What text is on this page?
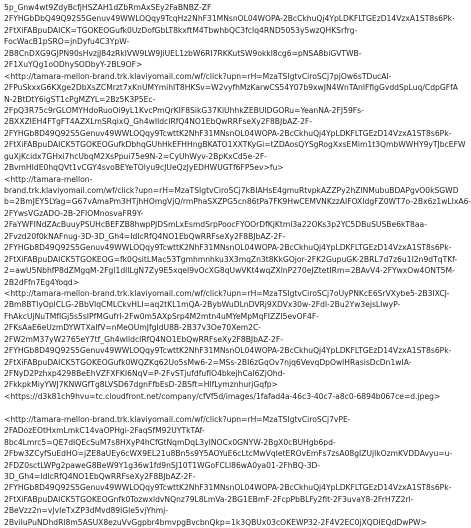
5p_Gnw4wt9ZdyBcfjHSZAH1dZbRmAxSEy2FaBNBZ-ZF
2FYHGbDbQ49Q92S5Genuv49WWLOQqy9TcqHz2NhF31MNsnOL04WOPA-2BcCkhuQj4YpLDKFLTGEzD14VzxA1ST8s6Pk-
2FtXiFABpuDAICK=TGOKEOGufk0UzDofGbLT8kxftM4TbwhbQC3fcIq4RND5053y5wzQHKSrfrg-
FocWacB1pSRO=jnDyfu4C3YpW-
2B8CnDXG9GJPN90sHvzjJ84zRkIVW9LW9JiUEL1zbW6RI7RKKutSW9okkl8cg6=pNSA8biGVTWB-
2F1XuYQg1oODhySODbyY-2BL9OF>
<http://tamara-mellon-brand.trk.klaviyomail.com/wf/click?upn=rH=MzaTSIgtvCiroSCj7pjOw6sTDucAI-
2FPuSkxxG6KXge2DbXsZCMrzt7xKnUMYmihIT8HKSv=W2vyfhMzKarwCS54Y07b9xwJN4WnTAnlFfigGvddSpLuq/CdpGFfA
N-2BtDtY6igST1cPgMZYL=2Bz5K3P5Ec-
2FpQ3R75c9rGLOMYHdoRuoOi9yL1KvcPmQrKIF8SikG37KiUhhkZEBUIDGORu=YeanNA-2FJ59Fs-
2BXXZIEH4FTgFT4AZXLmSRqixQ_Gh4wIldcIRfQ4NO1EbQwRRFseXy2F8BJbAZ-2F-
2FYHGb8D49Q92S5Genuv49WWLOQqy9TcwttK2NhF31MNsnOL04WOPA-2BcCkhuQj4YpLDKFLTGEzD14VzxA1ST8s6Pk-
2FtXiFABpuDAICK5TGOKEOGufkDbhqGUhHkEFHHngBKATO1XXTKyGi=tZDAosQYSgRogXxsEMim1t3QmbWWHY9yTJbcEFW
guXjKcidx7GHxi7hcUbqM2XsPpui75e9N-2=CyUhWyv-2BpKxCd5e-2F-
2BvmHIdE0hqQVt1vCGY4svoBEYeTOlyu9cJUeQzJyEDHWUGTf6FP5ev>fu>
<http://tamara-mellon-
brand.trk.klaviyomail.com/wf/click?upn=rH=MzaTSIgtvCiroSCj7kBIAHsE4gmuRtvpkAZZPy2hZlNMubuBDAPgvO0kSGWD
b=2BmJEY5LYag=G67vAmaPm3HTjhHOmgVjQ/rmPhaSXZPG5cn86tPa7FK9HwCEMVNKzzAIFOXIdgFZ0WT7o-2Bx6z1wLIxA6-
2FYwsVGzADO-2B-2FIOMnosvaFR9Y-
2FaYWFINdZAcBuuyPSUHcBEFZB8hwpPJDSmLxEsmdSrpPoocFYOOrDfKjKtml3a22OKs3p2YC5DBuSUSBe6kT8aa-
2Fvzd20f0kNAFnug-3D-3D_Gh4=IdIcRfQ4NO1EbQwRRFseXy2F8BJbAZ-2F-
2FYHGb8D49Q92S5Genuv49WWLOQqy9TcwttK2NhF31MNsnOL04WOPA-2BcCkhuQj4YpLDKFLTGEzD14VzxA1ST8s6Pk-
2FtXiFABpuDAICK5TGOKEOG=fk0QsitLMac53Tgmhmnhku3X3mqZn3t8KkGOjor-2FK2GupuGK-2BRL7d7z6u1I2n9dTqTKf-
2=awU5NbhfP8dZMgqM-2Fgl1dllLgN7Zy9E5xqeI9vOcXG8qUwVKt4wqZXlnP270eJZtetIRm=2BAvV4-2FYwxOw4ONT5M-
2B2dFfn7Eg4Yoqd>
<http://tamara-mellon-brand.trk.klaviyomail.com/wf/click?upn=rH=MzaTSIgtvCiroSCj7oUyPNKcE6SrVXybe5-2B3IXCJ-
2Bm8BTIyOplCLG-2BbVIqCMLCkvHLI=aq2tKL1mQA-2BybWuDLnDVRj9XDVx30w-2Fdl-2Bu2Yw3ejsLIwyP-
FhAkcUjNuTMfIGj5s5sIPfMGufrI-2Fw0m5AXpSrp4M2mtn4uMYeMpMqFIZZI5evOF4F-
2FKsAaE6eUzmDYWTXaIfV=nMeOUmJfgIdU8B-2B37v3Oe70Xem2C-
2FW2mM37yW2765eY7tf_Gh4wIldcIRfQ4NO1EbQwRRFseXy2F8BJbAZ-2F-
2FYHGb8D49Q92S5Genuv49WWLOQqy9TcwttK2NhF31MNsnOL04WOPA-2BcCkhuQj4YpLDKFLTGEzD14VzxA1ST8s6Pk-
2FtXiFABpuDAICK5TGOKEOGufk0WQZKq62Uo5sMw6-2=MSs-2BI6zGqOv7njq6VevqDpOwlHRasisDcDn1wIA-
2FNyD2Pzhxp4298BeEhVZFXFKI6NqV=P-2FvSTjufdfufIO4bkejhCaI6ZjOhd-
2FkkpkMiyYWJ7KNWGfTg8LVSD67dgnFfbEsD-2BSft=HlfLymznhurjGqfp>
<https://d3k81ch9hvu=tc.cloudfront.net/company/cfVf5d/images/1fafad4a-46c3-40c7-a8c0-6894b067ce=d.jpeg>
<http://tamara-mellon-brand.trk.klaviyomail.com/wf/click?upn=rH=MzaTSIgtvCiroSCj7vPE-
2FADozEOtHxmLmkC14vaOPHgi-2FaqSfM92UYTkTAf-
8bc4Lmrc5=QE7dIQEcSuM7s8HXyP4hCfGtNqmDqL3yINOCx0GNYW-2BgX0cBUHgb6pd-
2Fbw3ZCyfSuEdHO=jZE8aUEy6cWX9EL21u8Bn5s9Y5AOYuE6cLtcMwVqIetEROvEmFs7zsA08gIZUjlkOzmKVDDAvyu=u-
2FDZ0sctLWPg2paweG8BeW9Y1g36w1fd9nSJ10T1WGoFCLl86wA0ya01-2FhBQ-3D-
3D_Gh4=IdIcRfQ4NO1EbQwRRFseXy2F8BJbAZ-2F-
2FYHGb8D49Q92S5Genuv49WWLOQqy9TcwttK2NhF31MNsnOL04WOPA-2BcCkhuQj4YpLDKFLTGEzD14VzxA1ST8s6Pk-
2FtXiFABpuDAICK5TGOKEOGnfk0TozwxldvNQnz79L8LmVa-2BG1EBmF-2FcpPbBLFy2fit-2F3uvaY8-2FrH7Z2rl-
2BeVzz2n=vJvIeTxZP3dMvd89lGle5vjYhmj-
2BviIuPuNDhdRl8m5ASUX8ezuVvGgpbr4bmvpgBvcbnQkp=1k3QBUx03cOKEWP32-2F4V2EC0jXQDIEQdDwPW>
